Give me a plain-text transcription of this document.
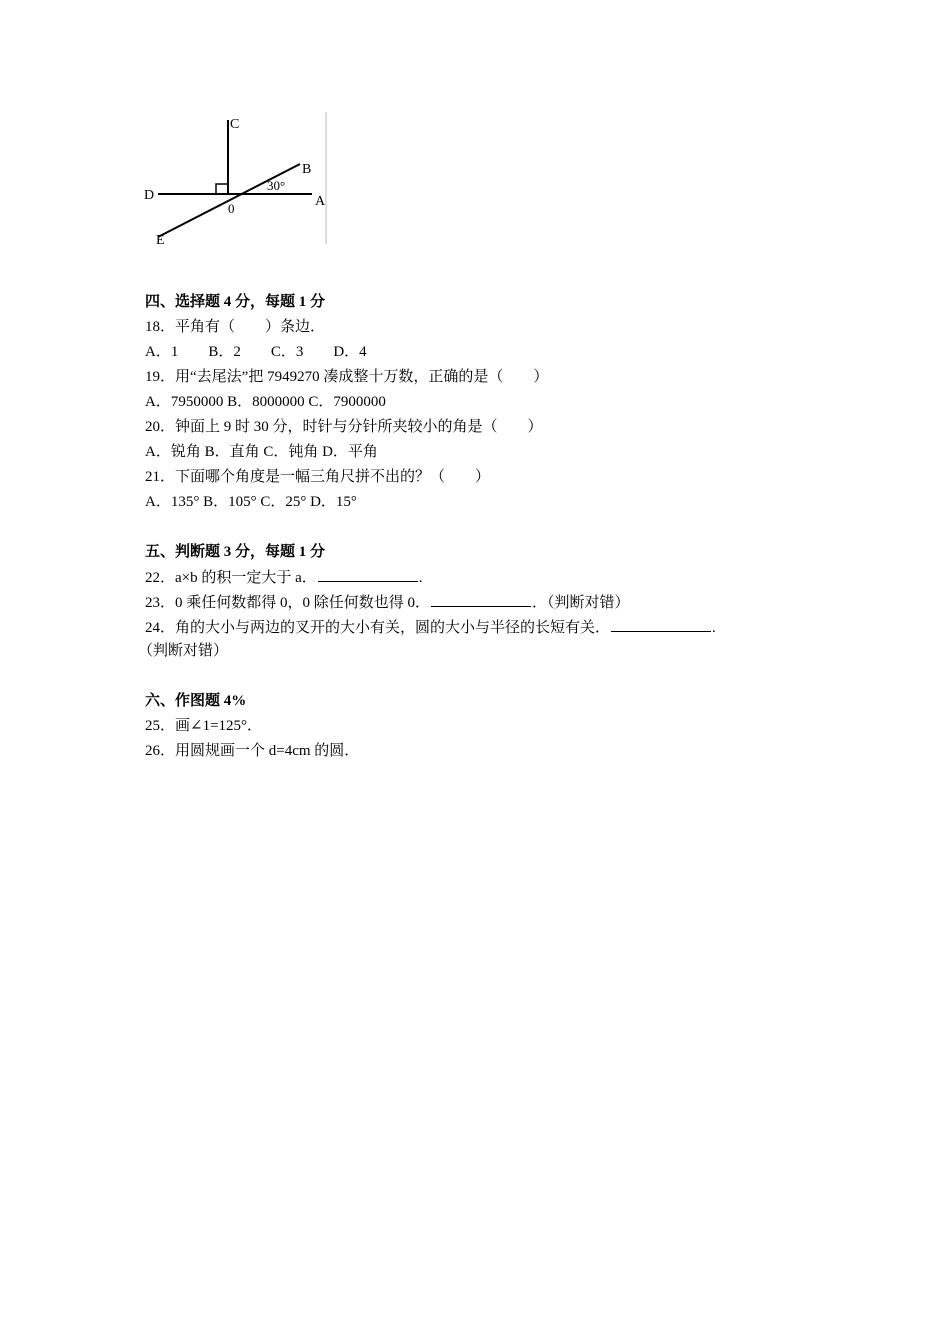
C
B
D	A
E
0
30°
四、选择题 4 分，每题 1 分
18．平角有（　　）条边．
A．1　　B．2　　C．3　　D．4
19．用“去尾法”把 7949270 凑成整十万数，正确的是（　　）
A．7950000 B．8000000 C．7900000
20．钟面上 9 时 30 分，时针与分针所夹较小的角是（　　）
A．锐角 B．直角 C．钝角 D．平角
21．下面哪个角度是一幅三角尺拼不出的？（　　）
A．135° B．105° C．25° D．15°
五、判断题 3 分，每题 1 分
22．a×b 的积一定大于 a．	.
23．0 乘任何数都得 0，0 除任何数也得 0．	．（判断对错）
24．角的大小与两边的叉开的大小有关，圆的大小与半径的长短有关．	.
（判断对错）
六、作图题 4%
25．画∠1=125°．
26．用圆规画一个 d=4cm 的圆．
